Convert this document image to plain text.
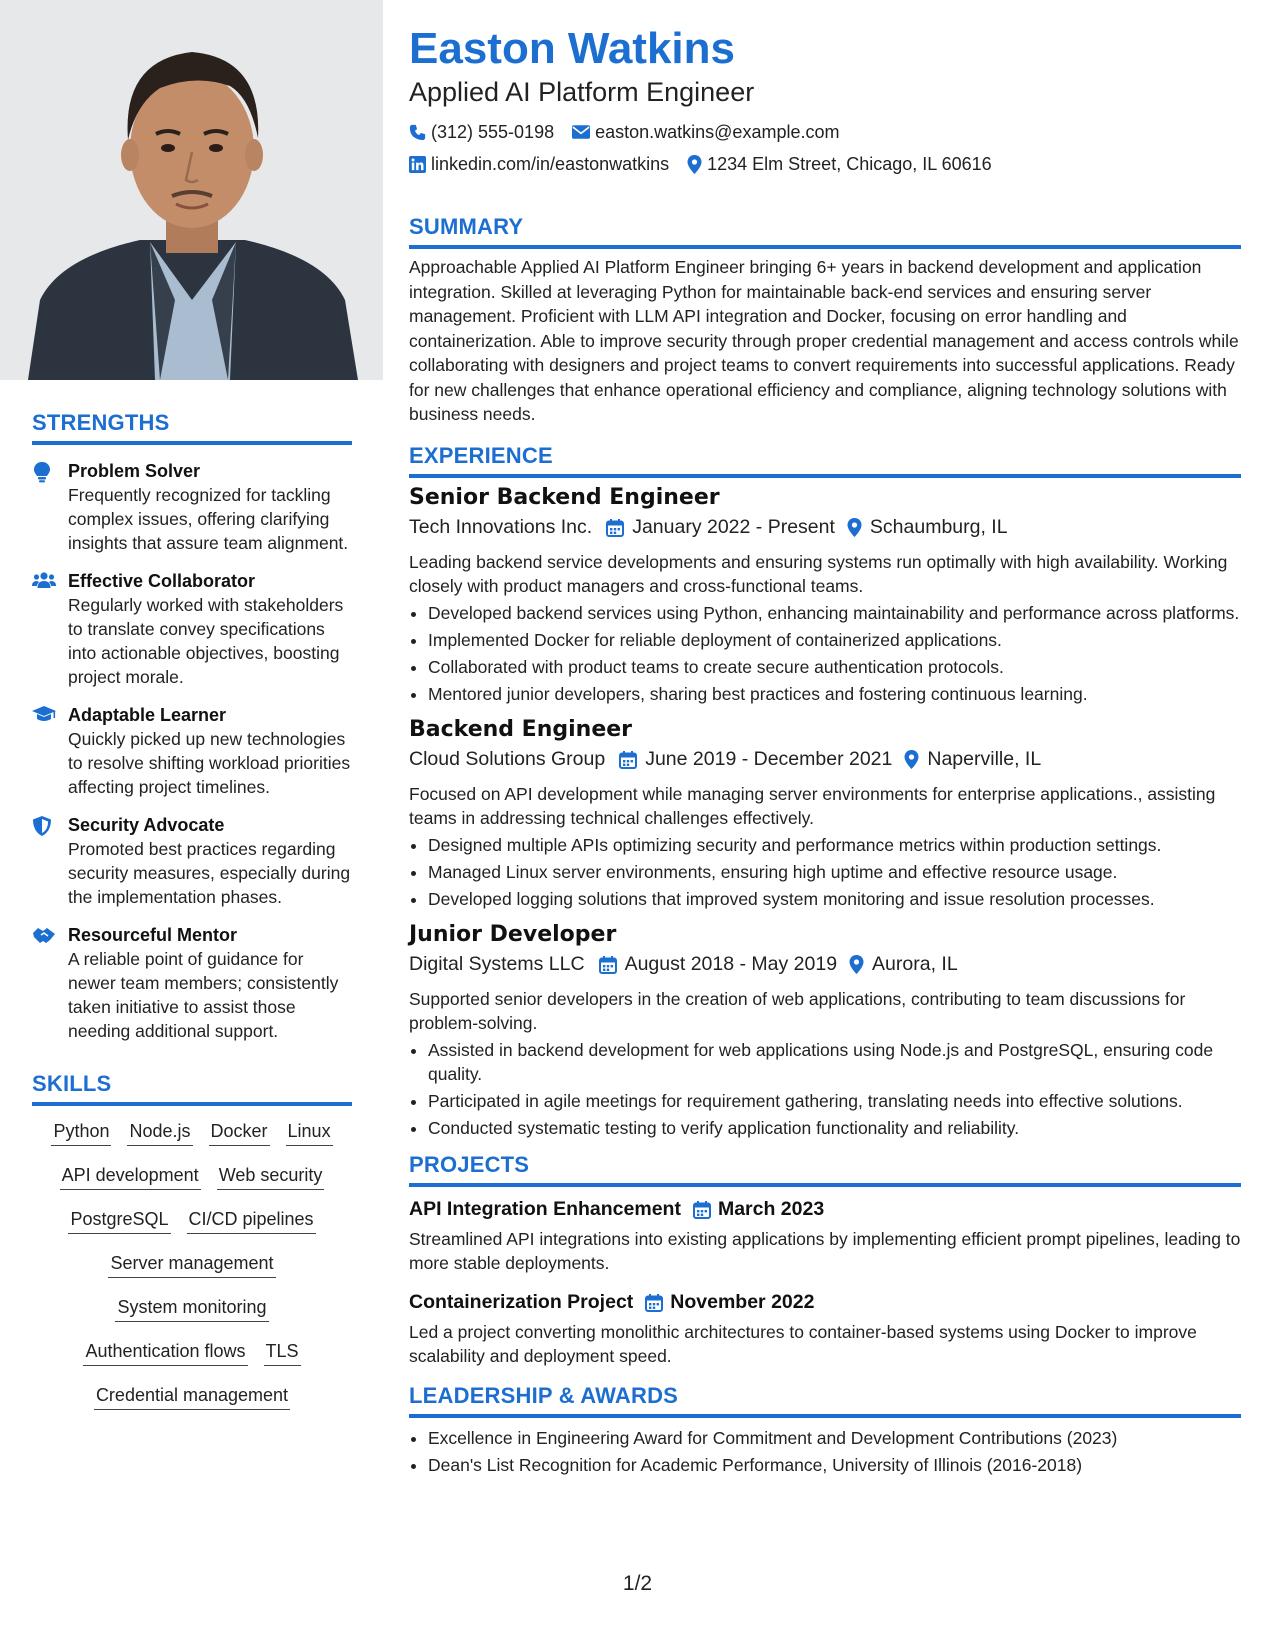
STRENGTHS
Problem Solver
Frequently recognized for tackling complex issues, offering clarifying insights that assure team alignment.
Effective Collaborator
Regularly worked with stakeholders to translate convey specifications into actionable objectives, boosting project morale.
Adaptable Learner
Quickly picked up new technologies to resolve shifting workload priorities affecting project timelines.
Security Advocate
Promoted best practices regarding security measures, especially during the implementation phases.
Resourceful Mentor
A reliable point of guidance for newer team members; consistently taken initiative to assist those needing additional support.
SKILLS
Python Node.js Docker Linux
API development Web security
PostgreSQL CI/CD pipelines
Server management
System monitoring
Authentication flows TLS
Credential management
Easton Watkins
Applied AI Platform Engineer
(312) 555-0198 easton.watkins@example.com
linkedin.com/in/eastonwatkins 1234 Elm Street, Chicago, IL 60616
SUMMARY

Approachable Applied AI Platform Engineer bringing 6+ years in backend development and application integration. Skilled at leveraging Python for maintainable back-end services and ensuring server management. Proficient with LLM API integration and Docker, focusing on error handling and containerization. Able to improve security through proper credential management and access controls while collaborating with designers and project teams to convert requirements into successful applications. Ready for new challenges that enhance operational efficiency and compliance, aligning technology solutions with business needs.

EXPERIENCE
Senior Backend Engineer
Tech Innovations Inc. January 2022 - Present Schaumburg, IL

Leading backend service developments and ensuring systems run optimally with high availability. Working closely with product managers and cross-functional teams.

• Developed backend services using Python, enhancing maintainability and performance across platforms.
• Implemented Docker for reliable deployment of containerized applications.
• Collaborated with product teams to create secure authentication protocols.
• Mentored junior developers, sharing best practices and fostering continuous learning.
Backend Engineer
Cloud Solutions Group June 2019 - December 2021 Naperville, IL

Focused on API development while managing server environments for enterprise applications., assisting teams in addressing technical challenges effectively.

• Designed multiple APIs optimizing security and performance metrics within production settings.
• Managed Linux server environments, ensuring high uptime and effective resource usage.
• Developed logging solutions that improved system monitoring and issue resolution processes.
Junior Developer
Digital Systems LLC August 2018 - May 2019 Aurora, IL

Supported senior developers in the creation of web applications, contributing to team discussions for problem-solving.

• Assisted in backend development for web applications using Node.js and PostgreSQL, ensuring code quality.
• Participated in agile meetings for requirement gathering, translating needs into effective solutions.
• Conducted systematic testing to verify application functionality and reliability.
PROJECTS
API Integration Enhancement March 2023

Streamlined API integrations into existing applications by implementing efficient prompt pipelines, leading to more stable deployments.

Containerization Project November 2022

Led a project converting monolithic architectures to container-based systems using Docker to improve scalability and deployment speed.

LEADERSHIP & AWARDS
• Excellence in Engineering Award for Commitment and Development Contributions (2023)
• Dean's List Recognition for Academic Performance, University of Illinois (2016-2018)
1/2
